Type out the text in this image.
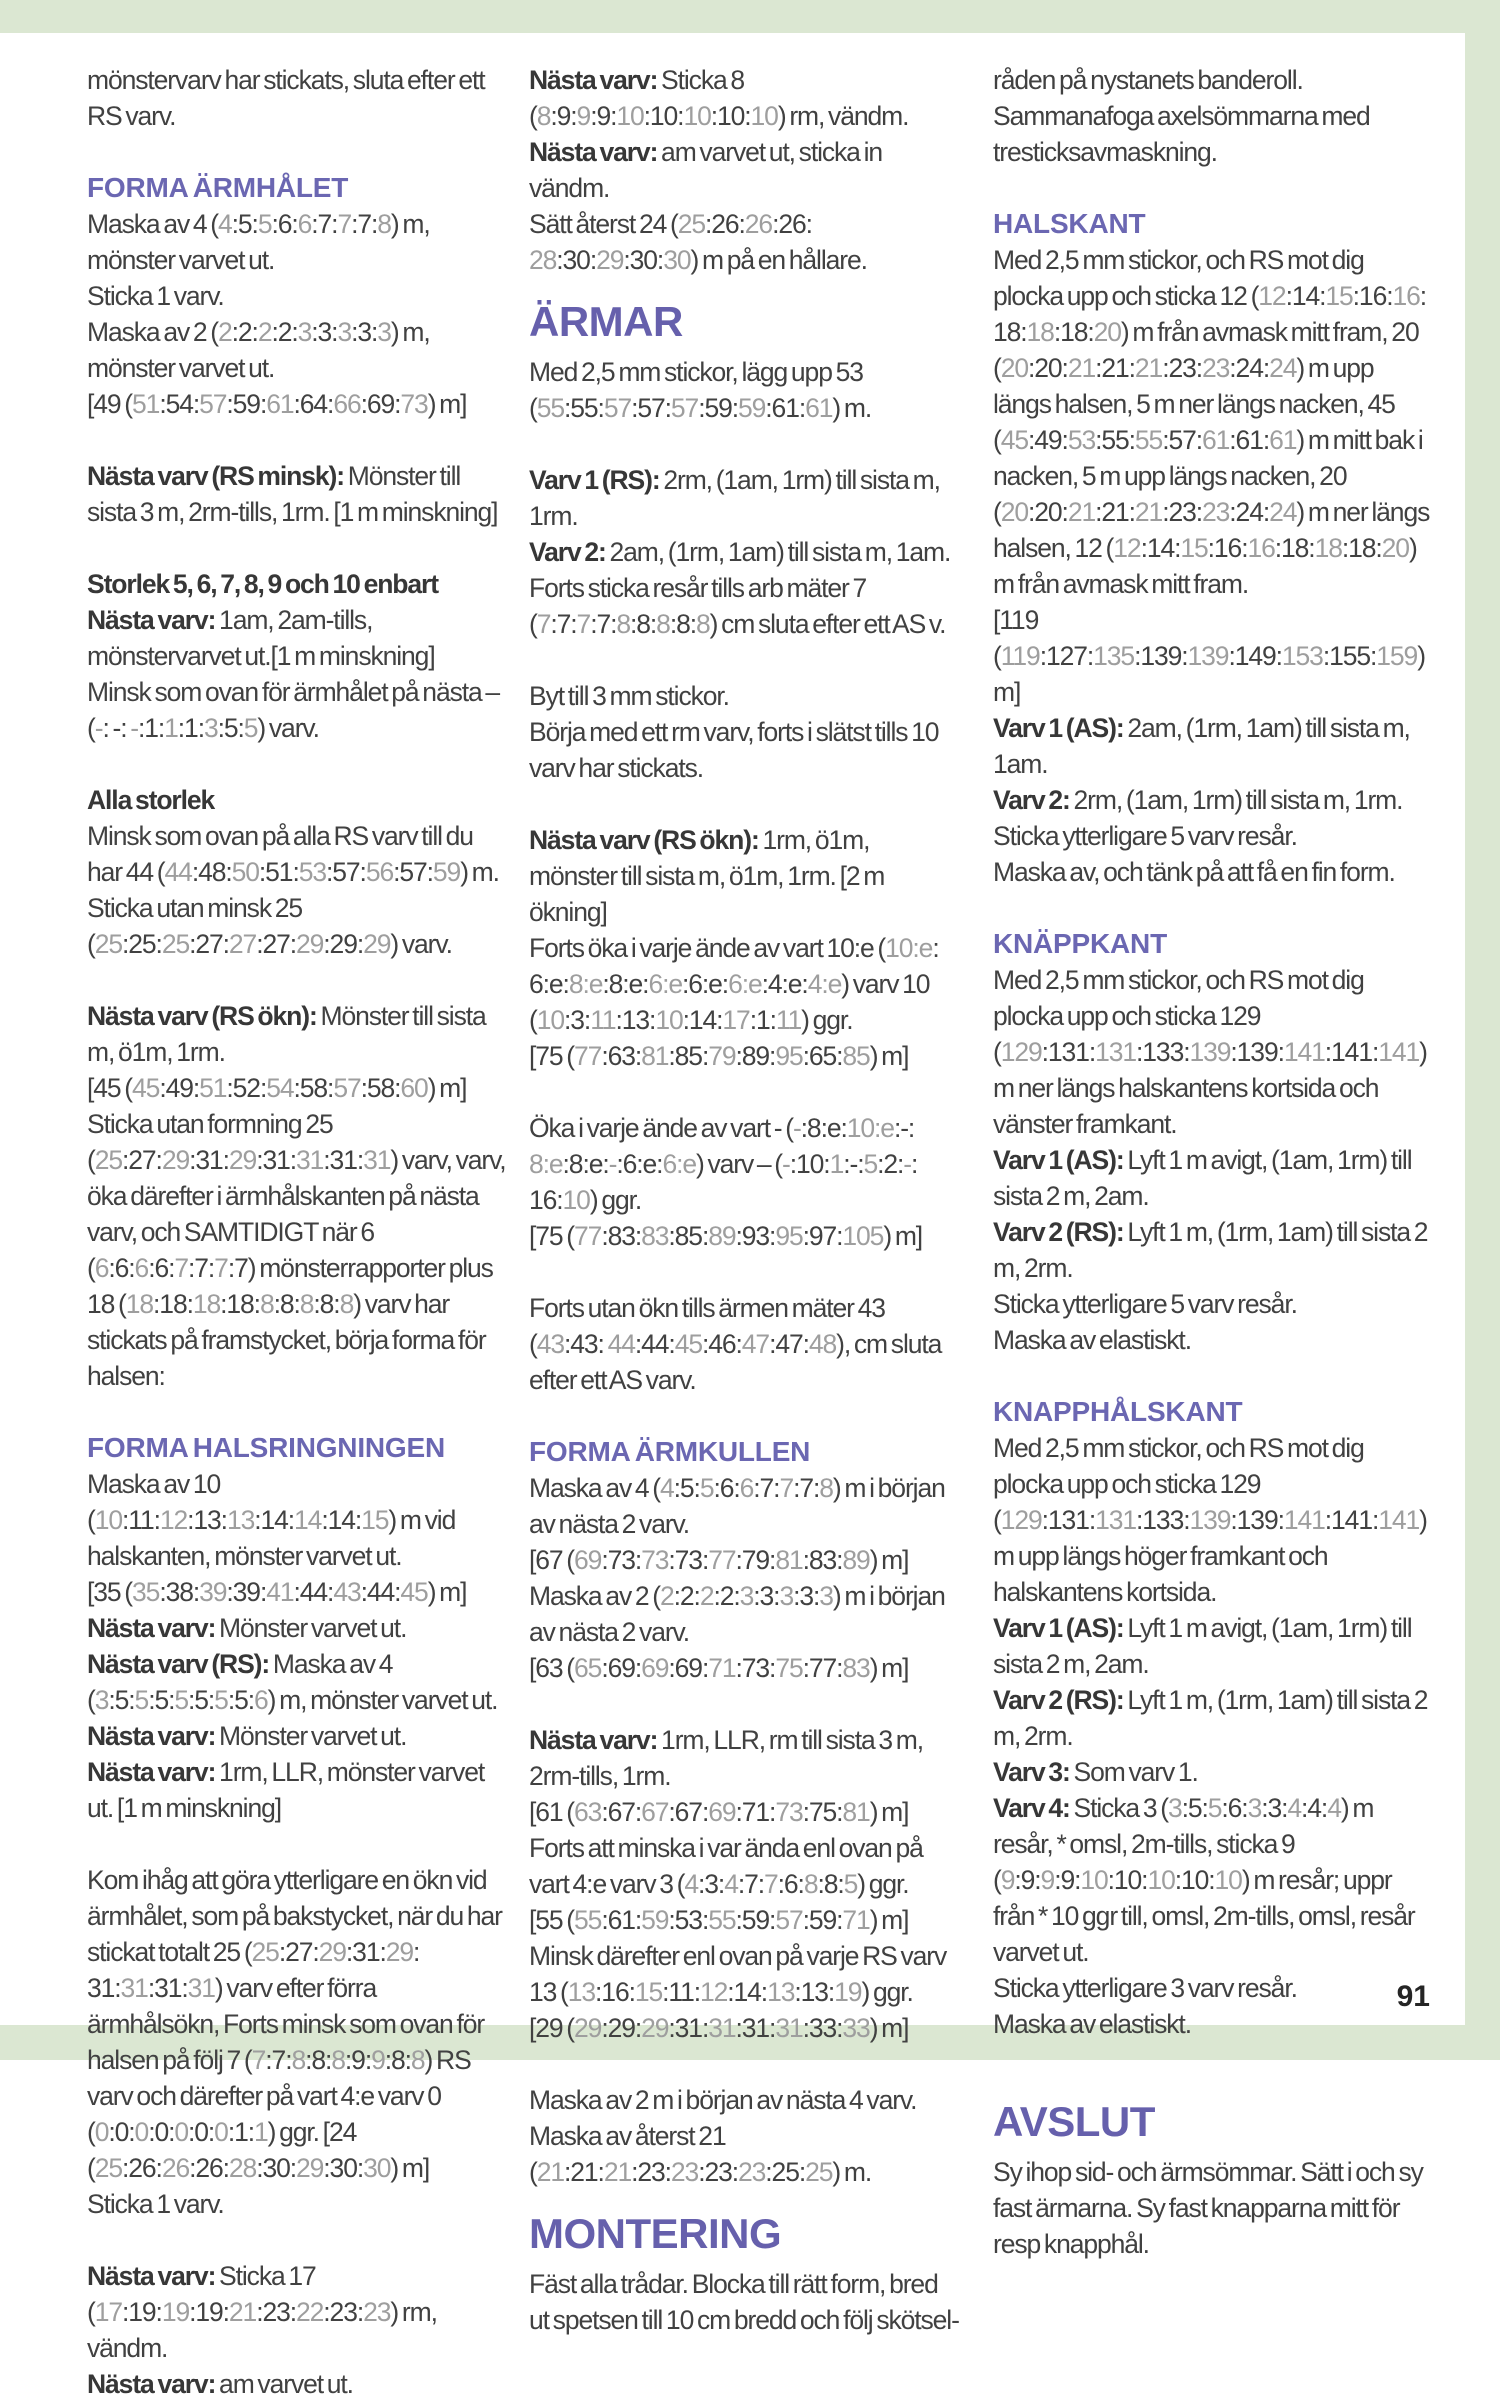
mönstervarv har stickats, sluta efter ett RS varv.

FORMA ÄRMHÅLET

Maska av 4 (4:5:5:6:6:7:7:7:8) m, mönster varvet ut.

Sticka 1 varv.

Maska av 2 (2:2:2:2:3:3:3:3:3) m, mönster varvet ut.

[49 (51:54:57:59:61:64:66:69:73) m]

Nästa varv (RS minsk): Mönster till sista 3 m, 2rm-tills, 1rm. [1 m minskning]

Storlek 5, 6, 7, 8, 9 och 10 enbart

Nästa varv: 1am, 2am-tills, mönstervarvet ut.[1 m minskning]

Minsk som ovan för ärmhålet på nästa – (-: -: -:1:1:1:3:5:5) varv.

Alla storlek

Minsk som ovan på alla RS varv till du har 44 (44:48:50:51:53:57:56:57:59) m.

Sticka utan minsk 25 (25:25:25:27:27:27:29:29:29) varv.

Nästa varv (RS ökn): Mönster till sista m, ö1m, 1rm.

[45 (45:49:51:52:54:58:57:58:60) m]

Sticka utan formning 25 (25:27:29:31:29:31:31:31:31) varv, varv, öka därefter i ärmhålskanten på nästa varv, och SAMTIDIGT när 6 (6:6:6:6:7:7:7:7) mönsterrapporter plus 18 (18:18:18:18:8:8:8:8:8) varv har stickats på framstycket, börja forma för halsen:

FORMA HALSRINGNINGEN

Maska av 10 (10:11:12:13:13:14:14:14:15) m vid halskanten, mönster varvet ut.

[35 (35:38:39:39:41:44:43:44:45) m]

Nästa varv: Mönster varvet ut.

Nästa varv (RS): Maska av 4 (3:5:5:5:5:5:5:5:6) m, mönster varvet ut.

Nästa varv: Mönster varvet ut.

Nästa varv: 1rm, LLR, mönster varvet ut. [1 m minskning]

Kom ihåg att göra ytterligare en ökn vid ärmhålet, som på bakstycket, när du har stickat totalt 25 (25:27:29:31:29: 31:31:31:31) varv efter förra ärmhålsökn, Forts minsk som ovan för halsen på följ 7 (7:7:8:8:8:9:9:8:8) RS varv och därefter på vart 4:e varv 0 (0:0:0:0:0:0:0:1:1) ggr. [24 (25:26:26:26:28:30:29:30:30) m]

Sticka 1 varv.

Nästa varv: Sticka 17 (17:19:19:19:21:23:22:23:23) rm, vändm.

Nästa varv: am varvet ut.

Nästa varv: Sticka 8 (8:9:9:9:10:10:10:10:10) rm, vändm.

Nästa varv: am varvet ut, sticka in vändm.

Sätt återst 24 (25:26:26:26: 28:30:29:30:30) m på en hållare.

ÄRMAR

Med 2,5 mm stickor, lägg upp 53 (55:55:57:57:57:59:59:61:61) m.

Varv 1 (RS): 2rm, (1am, 1rm) till sista m, 1rm.

Varv 2: 2am, (1rm, 1am) till sista m, 1am.

Forts sticka resår tills arb mäter 7 (7:7:7:7:8:8:8:8:8) cm sluta efter ett AS v.

Byt till 3 mm stickor.

Börja med ett rm varv, forts i slätst tills 10 varv har stickats.

Nästa varv (RS ökn): 1rm, ö1m, mönster till sista m, ö1m, 1rm. [2 m ökning]

Forts öka i varje ände av vart 10:e (10:e: 6:e:8:e:8:e:6:e:6:e:6:e:4:e:4:e) varv 10 (10:3:11:13:10:14:17:1:11) ggr.

[75 (77:63:81:85:79:89:95:65:85) m]

Öka i varje ände av vart - (-:8:e:10:e:-: 8:e:8:e:-:6:e:6:e) varv – (-:10:1:-:5:2:-: 16:10) ggr.

[75 (77:83:83:85:89:93:95:97:105) m]

Forts utan ökn tills ärmen mäter 43 (43:43: 44:44:45:46:47:47:48), cm sluta efter ett AS varv.

FORMA ÄRMKULLEN

Maska av 4 (4:5:5:6:6:7:7:7:8) m i början av nästa 2 varv.

[67 (69:73:73:73:77:79:81:83:89) m]

Maska av 2 (2:2:2:2:3:3:3:3:3) m i början av nästa 2 varv.

[63 (65:69:69:69:71:73:75:77:83) m]

Nästa varv: 1rm, LLR, rm till sista 3 m, 2rm-tills, 1rm.

[61 (63:67:67:67:69:71:73:75:81) m]

Forts att minska i var ända enl ovan på vart 4:e varv 3 (4:3:4:7:7:6:8:8:5) ggr.

[55 (55:61:59:53:55:59:57:59:71) m]

Minsk därefter enl ovan på varje RS varv 13 (13:16:15:11:12:14:13:13:19) ggr.

[29 (29:29:29:31:31:31:31:33:33) m]

Maska av 2 m i början av nästa 4 varv.

Maska av återst 21 (21:21:21:23:23:23:23:25:25) m.

MONTERING

Fäst alla trådar. Blocka till rätt form, bred ut spetsen till 10 cm bredd och följ skötsel-

råden på nystanets banderoll.

Sammanafoga axelsömmarna med tresticksavmaskning.

HALSKANT

Med 2,5 mm stickor, och RS mot dig plocka upp och sticka 12 (12:14:15:16:16: 18:18:18:20) m från avmask mitt fram, 20 (20:20:21:21:21:23:23:24:24) m upp längs halsen, 5 m ner längs nacken, 45 (45:49:53:55:55:57:61:61:61) m mitt bak i nacken, 5 m upp längs nacken, 20 (20:20:21:21:21:23:23:24:24) m ner längs halsen, 12 (12:14:15:16:16:18:18:18:20) m från avmask mitt fram.

[119 (119:127:135:139:139:149:153:155:159) m]

Varv 1 (AS): 2am, (1rm, 1am) till sista m, 1am.

Varv 2: 2rm, (1am, 1rm) till sista m, 1rm.

Sticka ytterligare 5 varv resår.

Maska av, och tänk på att få en fin form.

KNÄPPKANT

Med 2,5 mm stickor, och RS mot dig plocka upp och sticka 129 (129:131:131:133:139:139:141:141:141) m ner längs halskantens kortsida och vänster framkant.

Varv 1 (AS): Lyft 1 m avigt, (1am, 1rm) till sista 2 m, 2am.

Varv 2 (RS): Lyft 1 m, (1rm, 1am) till sista 2 m, 2rm.

Sticka ytterligare 5 varv resår.

Maska av elastiskt.

KNAPPHÅLSKANT

Med 2,5 mm stickor, och RS mot dig plocka upp och sticka 129 (129:131:131:133:139:139:141:141:141) m upp längs höger framkant och halskantens kortsida.

Varv 1 (AS): Lyft 1 m avigt, (1am, 1rm) till sista 2 m, 2am.

Varv 2 (RS): Lyft 1 m, (1rm, 1am) till sista 2 m, 2rm.

Varv 3: Som varv 1.

Varv 4: Sticka 3 (3:5:5:6:3:3:4:4:4) m resår, * omsl, 2m-tills, sticka 9 (9:9:9:9:10:10:10:10:10) m resår; uppr från * 10 ggr till, omsl, 2m-tills, omsl, resår varvet ut.

Sticka ytterligare 3 varv resår.

Maska av elastiskt.

AVSLUT

Sy ihop sid- och ärmsömmar. Sätt i och sy fast ärmarna. Sy fast knapparna mitt för resp knapphål.

91
